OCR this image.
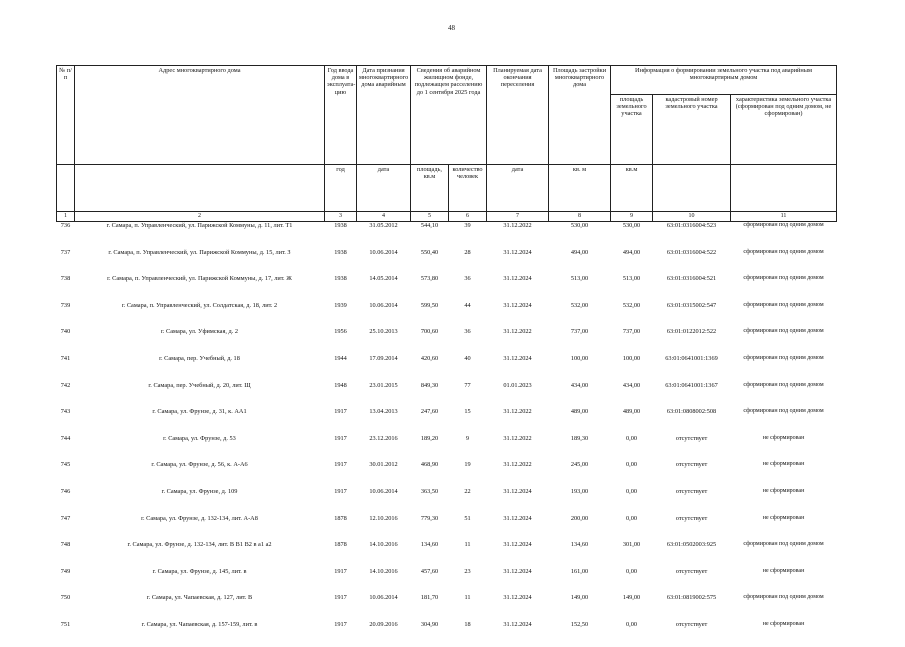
48
№ п/п	Адрес многоквартирного дома	Год ввода дома в эксплуата-цию	Дата признания многоквартирного дома аварийным	Сведения об аварийном жилищном фонде, подлежащем расселению до 1 сентября 2025 года		Планируемая дата окончания переселения	Площадь застройки многоквартирного дома	Информация о формировании земельного участка под аварийным многоквартирным домом		
								площадь земельного участка	кадастровый номер земельного участка	характеристика земельного участка (сформирован под одним домом, не сформирован)
		год	дата	площадь, кв.м	количество человек	дата	кв. м	кв.м		
1	2	3	4	5	6	7	8	9	10	11
736	г. Самара, п. Управленческий, ул. Парижской Коммуны, д. 11, лит. Т1	1938	31.05.2012	544,10	39	31.12.2022	530,00	530,00	63:01:0316004:523	сформирован под одним домом
737	г. Самара, п. Управленческий, ул. Парижской Коммуны, д. 15, лит. З	1938	10.06.2014	550,40	28	31.12.2024	494,00	494,00	63:01:0316004:522	сформирован под одним домом
738	г. Самара, п. Управленческий, ул. Парижской Коммуны, д. 17, лит. Ж	1938	14.05.2014	573,80	36	31.12.2024	513,00	513,00	63:01:0316004:521	сформирован под одним домом
739	г. Самара, п. Управленческий, ул. Солдатская, д. 18, лит. 2	1939	10.06.2014	599,50	44	31.12.2024	532,00	532,00	63:01:0315002:547	сформирован под одним домом
740	г. Самара, ул. Уфимская, д. 2	1956	25.10.2013	700,60	36	31.12.2022	737,00	737,00	63:01:0122012:522	сформирован под одним домом
741	г. Самара, пер. Учебный, д. 18	1944	17.09.2014	420,60	40	31.12.2024	100,00	100,00	63:01:0641001:1369	сформирован под одним домом
742	г. Самара, пер. Учебный, д. 20, лит. Щ	1948	23.01.2015	849,30	77	01.01.2023	434,00	434,00	63:01:0641001:1367	сформирован под одним домом
743	г. Самара, ул. Фрунзе, д. 31, к. АА1	1917	13.04.2013	247,60	15	31.12.2022	489,00	489,00	63:01:0808002:508	сформирован под одним домом
744	г. Самара, ул. Фрунзе, д. 53	1917	23.12.2016	189,20	9	31.12.2022	189,30	0,00	отсутствует	не сформирован
745	г. Самара, ул. Фрунзе, д. 56, к. А-А6	1917	30.01.2012	468,90	19	31.12.2022	245,00	0,00	отсутствует	не сформирован
746	г. Самара, ул. Фрунзе, д. 109	1917	10.06.2014	363,50	22	31.12.2024	193,00	0,00	отсутствует	не сформирован
747	г. Самара, ул. Фрунзе, д. 132-134, лит. А-А8	1878	12.10.2016	779,30	51	31.12.2024	200,00	0,00	отсутствует	не сформирован
748	г. Самара, ул. Фрунзе, д. 132-134, лит. В В1 В2 в а1 а2	1878	14.10.2016	134,60	11	31.12.2024	134,60	301,00	63:01:0502003:925	сформирован под одним домом
749	г. Самара, ул. Фрунзе, д. 145, лит. в	1917	14.10.2016	457,60	23	31.12.2024	161,00	0,00	отсутствует	не сформирован
750	г. Самара, ул. Чапаевская, д. 127, лит. В	1917	10.06.2014	181,70	11	31.12.2024	149,00	149,00	63:01:0819002:575	сформирован под одним домом
751	г. Самара, ул. Чапаевская, д. 157-159, лит. в	1917	20.09.2016	304,90	18	31.12.2024	152,50	0,00	отсутствует	не сформирован
